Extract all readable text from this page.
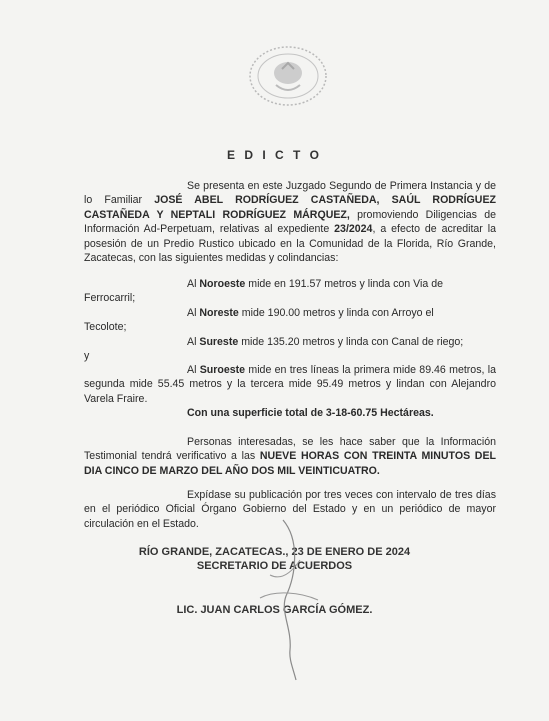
E D I C T O

Se presenta en este Juzgado Segundo de Primera Instancia y de lo Familiar JOSÉ ABEL RODRÍGUEZ CASTAÑEDA, SAÚL RODRÍGUEZ CASTAÑEDA Y NEPTALI RODRÍGUEZ MÁRQUEZ, promoviendo Diligencias de Información Ad-Perpetuam, relativas al expediente 23/2024, a efecto de acreditar la posesión de un Predio Rustico ubicado en la Comunidad de la Florida, Río Grande, Zacatecas, con las siguientes medidas y colindancias:

Al Noroeste mide en 191.57 metros y linda con Via de

Ferrocarril;

Al Noreste mide 190.00 metros y linda con Arroyo el

Tecolote;

Al Sureste mide 135.20 metros y linda con Canal de riego;

y

Al Suroeste mide en tres líneas la primera mide 89.46 metros, la segunda mide 55.45 metros y la tercera mide 95.49 metros y lindan con Alejandro Varela Fraire.

Con una superficie total de 3-18-60.75 Hectáreas.

Personas interesadas, se les hace saber que la Información Testimonial tendrá verificativo a las NUEVE HORAS CON TREINTA MINUTOS DEL DIA CINCO DE MARZO DEL AÑO DOS MIL VEINTICUATRO.

Expídase su publicación por tres veces con intervalo de tres días en el periódico Oficial Órgano Gobierno del Estado y en un periódico de mayor circulación en el Estado.

RÍO GRANDE, ZACATECAS., 23 DE ENERO DE 2024
SECRETARIO DE ACUERDOS
LIC. JUAN CARLOS GARCÍA GÓMEZ.
